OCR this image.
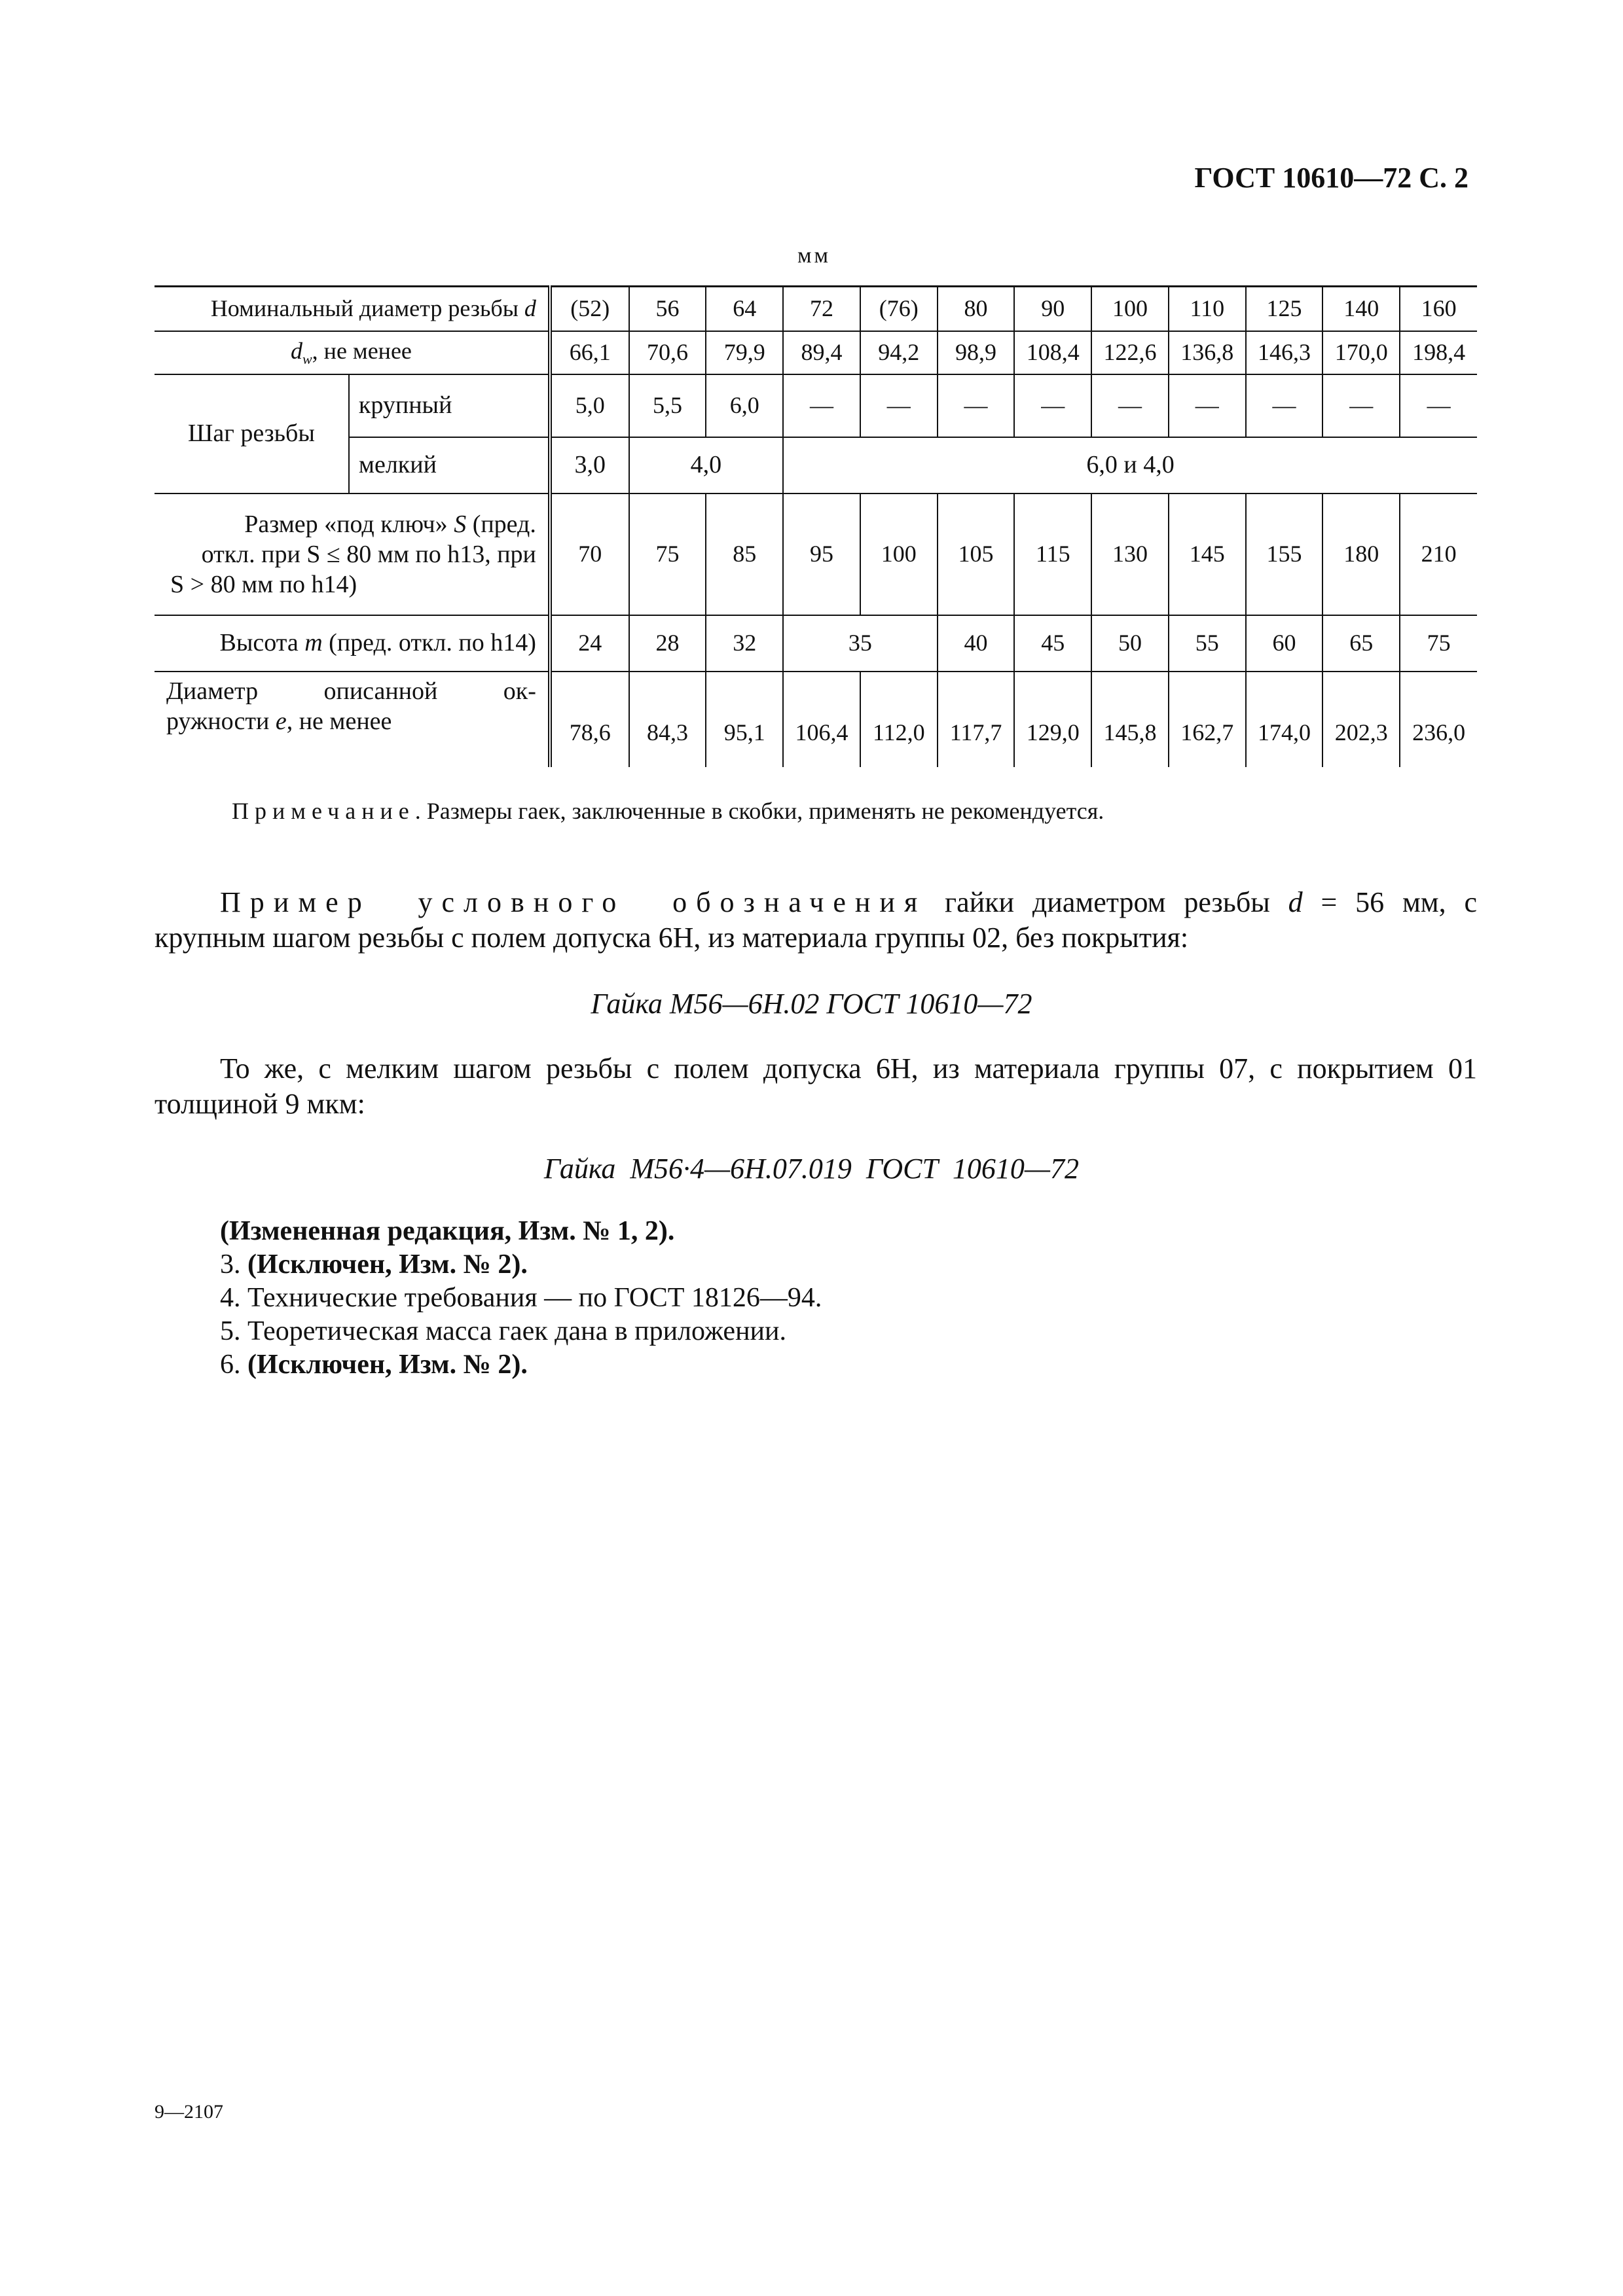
ГОСТ 10610—72 С. 2
мм
Номинальный диаметр резьбы d		(52)	56	64	72	(76)	80	90	100	110	125	140	160
$d_w$, не менее		66,1	70,6	79,9	89,4	94,2	98,9	108,4	122,6	136,8	146,3	170,0	198,4
Шаг резьбы	крупный	5,0	5,5	6,0	—	—	—	—	—	—	—	—	—
	мелкий	3,0	4,0		6,0 и 4,0								
Размер «под ключ» S (пред.
откл. при S ≤ 80 мм по h13, при

S > 80 мм по h14)		70	75	85	95	100	105	115	130	145	155	180	210
Высота m (пред. откл. по h14)		24	28	32	35		40	45	50	55	60	65	75

Диаметр описанной ок-
ружности e, не менее		78,6	84,3	95,1	106,4	112,0	117,7	129,0	145,8	162,7	174,0	202,3	236,0
Примечание. Размеры гаек, заключенные в скобки, применять не рекомендуется.
Пример условного обозначения гайки диаметром резьбы d = 56 мм, с крупным шагом резьбы с полем допуска 6Н, из материала группы 02, без покрытия:
Гайка М56—6Н.02 ГОСТ 10610—72
То же, с мелким шагом резьбы с полем допуска 6Н, из материала группы 07, с покрытием 01 толщиной 9 мкм:
Гайка  М56·4—6Н.07.019  ГОСТ  10610—72
(Измененная редакция, Изм. № 1, 2).
3. (Исключен, Изм. № 2).
4. Технические требования — по ГОСТ 18126—94.
5. Теоретическая масса гаек дана в приложении.
6. (Исключен, Изм. № 2).
9—2107
